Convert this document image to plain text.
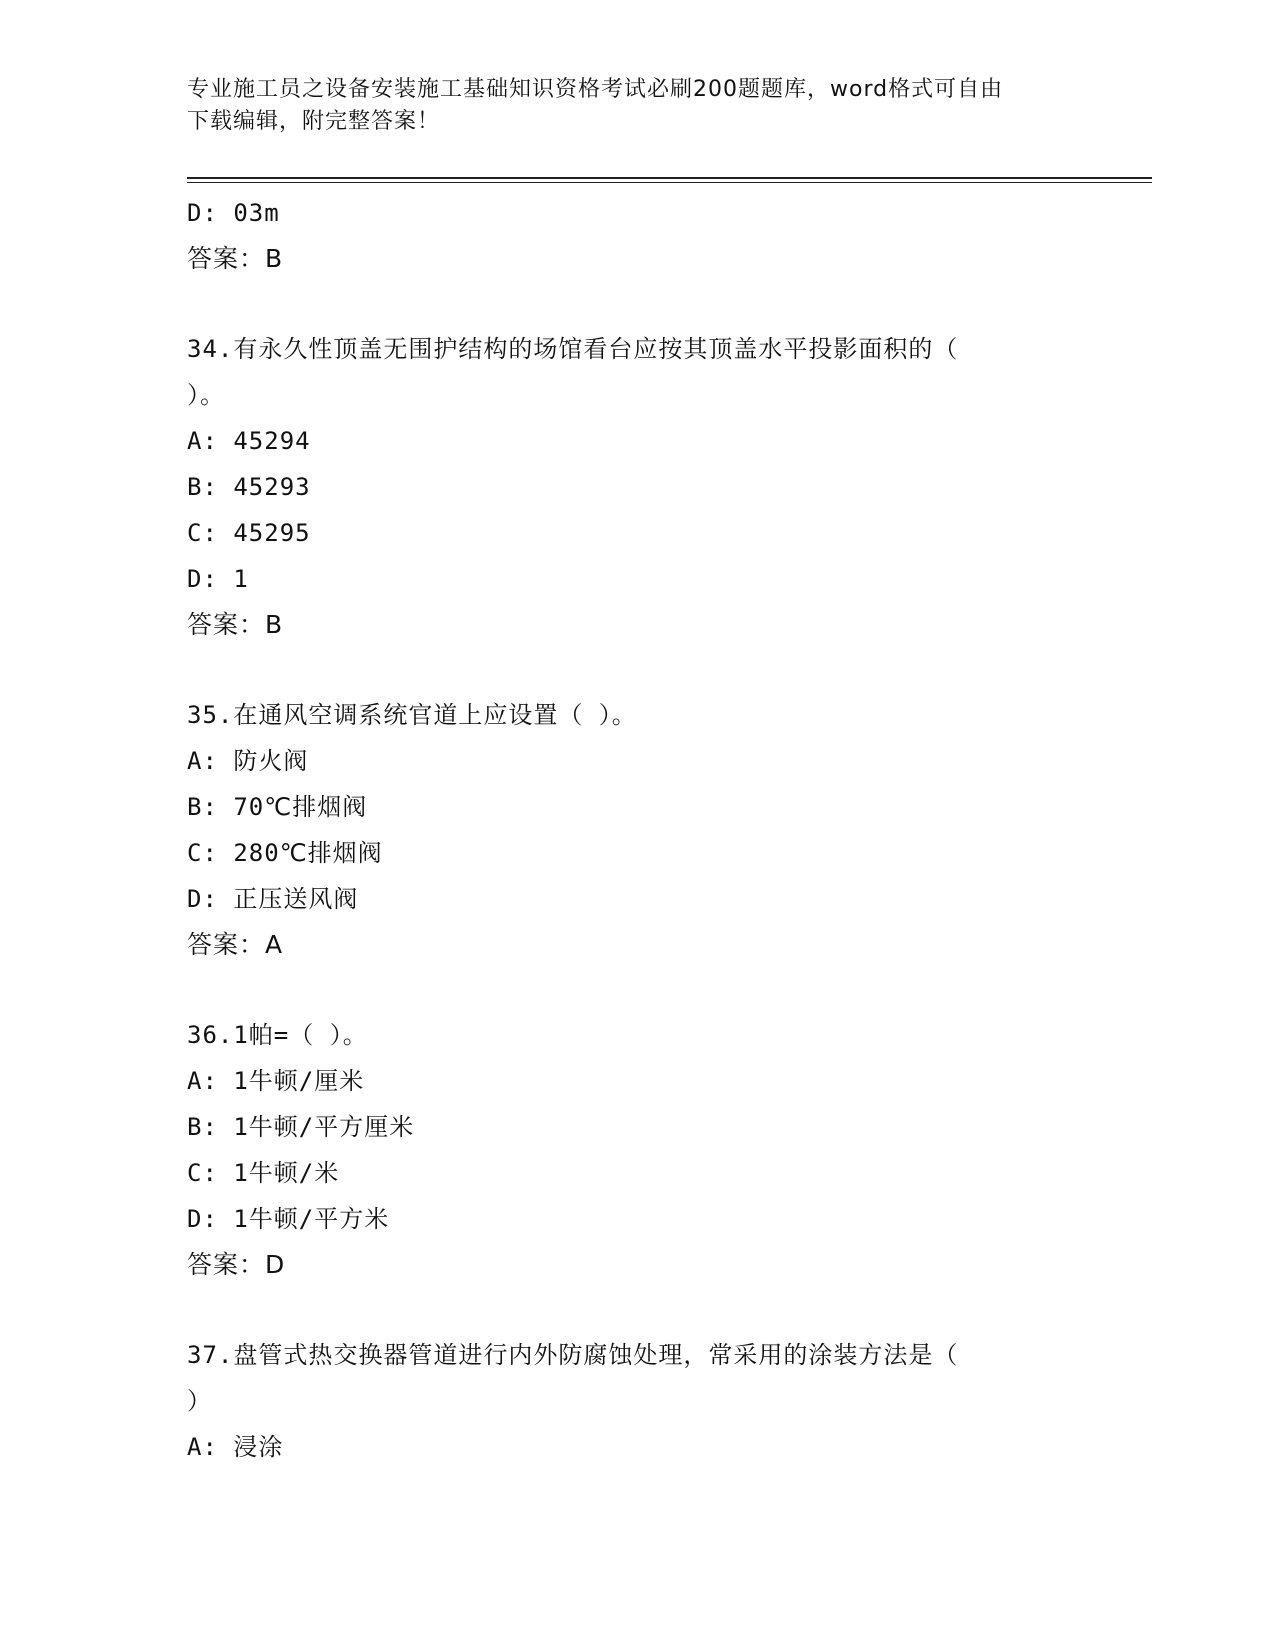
专业施工员之设备安装施工基础知识资格考试必刷200题题库，word格式可自由
下载编辑，附完整答案！
D: 03m
答案：B
34.有永久性顶盖无围护结构的场馆看台应按其顶盖水平投影面积的（
）。
A: 45294
B: 45293
C: 45295
D: 1
答案：B
35.在通风空调系统官道上应设置（ ）。
A: 防火阀
B: 70℃排烟阀
C: 280℃排烟阀
D: 正压送风阀
答案：A
36.1帕=（ ）。
A: 1牛顿/厘米
B: 1牛顿/平方厘米
C: 1牛顿/米
D: 1牛顿/平方米
答案：D
37.盘管式热交换器管道进行内外防腐蚀处理，常采用的涂装方法是（
）
A: 浸涂
